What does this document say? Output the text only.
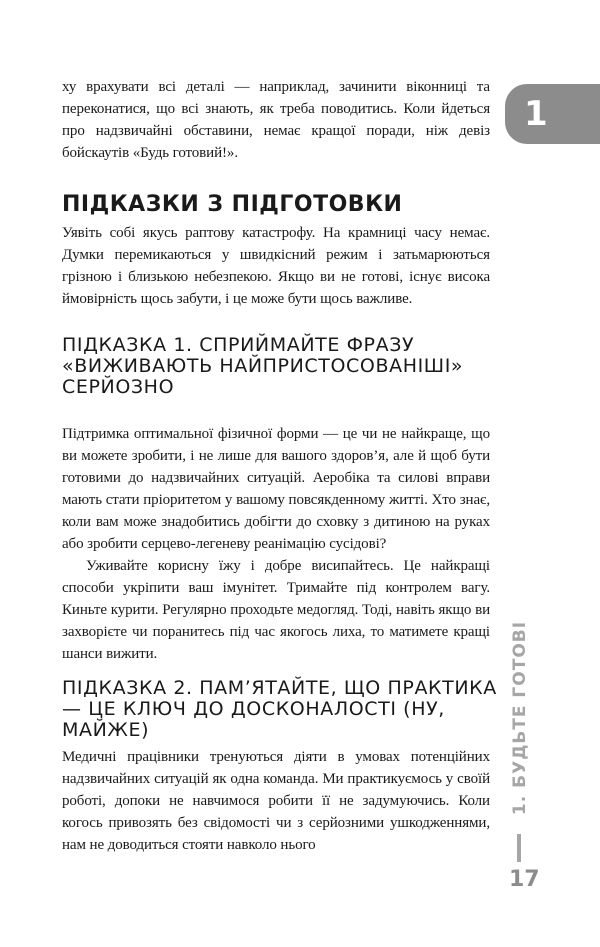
ху врахувати всі деталі — наприклад, зачинити віконниці та переконатися, що всі знають, як треба поводитись. Коли йдеться про надзвичайні обставини, немає кращої поради, ніж девіз бойскаутів «Будь готовий!».

ПІДКАЗКИ З ПІДГОТОВКИ

Уявіть собі якусь раптову катастрофу. На крамниці часу немає. Думки перемикаються у швидкісний режим і затьмарюються грізною і близькою небезпекою. Якщо ви не готові, існує висока ймовірність щось забути, і це може бути щось важливе.

ПІДКАЗКА 1. СПРИЙМАЙТЕ ФРАЗУ «ВИЖИВАЮТЬ НАЙПРИСТОСОВАНІШІ» СЕРЙОЗНО

Підтримка оптимальної фізичної форми — це чи не найкраще, що ви можете зробити, і не лише для вашого здоров’я, але й щоб бути готовими до надзвичайних ситуацій. Аеробіка та силові вправи мають стати пріоритетом у вашому повсякденному житті. Хто знає, коли вам може знадобитись добігти до сховку з дитиною на руках або зробити серцево-легеневу реанімацію сусідові?

Уживайте корисну їжу і добре висипайтесь. Це найкращі способи укріпити ваш імунітет. Тримайте під контролем вагу. Киньте курити. Регулярно проходьте медогляд. Тоді, навіть якщо ви захворієте чи поранитесь під час якогось лиха, то матимете кращі шанси вижити.

ПІДКАЗКА 2. ПАМ’ЯТАЙТЕ, ЩО ПРАКТИКА — ЦЕ КЛЮЧ ДО ДОСКОНАЛОСТІ (НУ, МАЙЖЕ)

Медичні працівники тренуються діяти в умовах потенційних надзвичайних ситуацій як одна команда. Ми практикуємось у своїй роботі, допоки не навчимося робити її не задумуючись. Коли когось привозять без свідомості чи з серйозними ушкодженнями, нам не доводиться стояти навколо нього

1
1. БУДЬТЕ ГОТОВІ
17
